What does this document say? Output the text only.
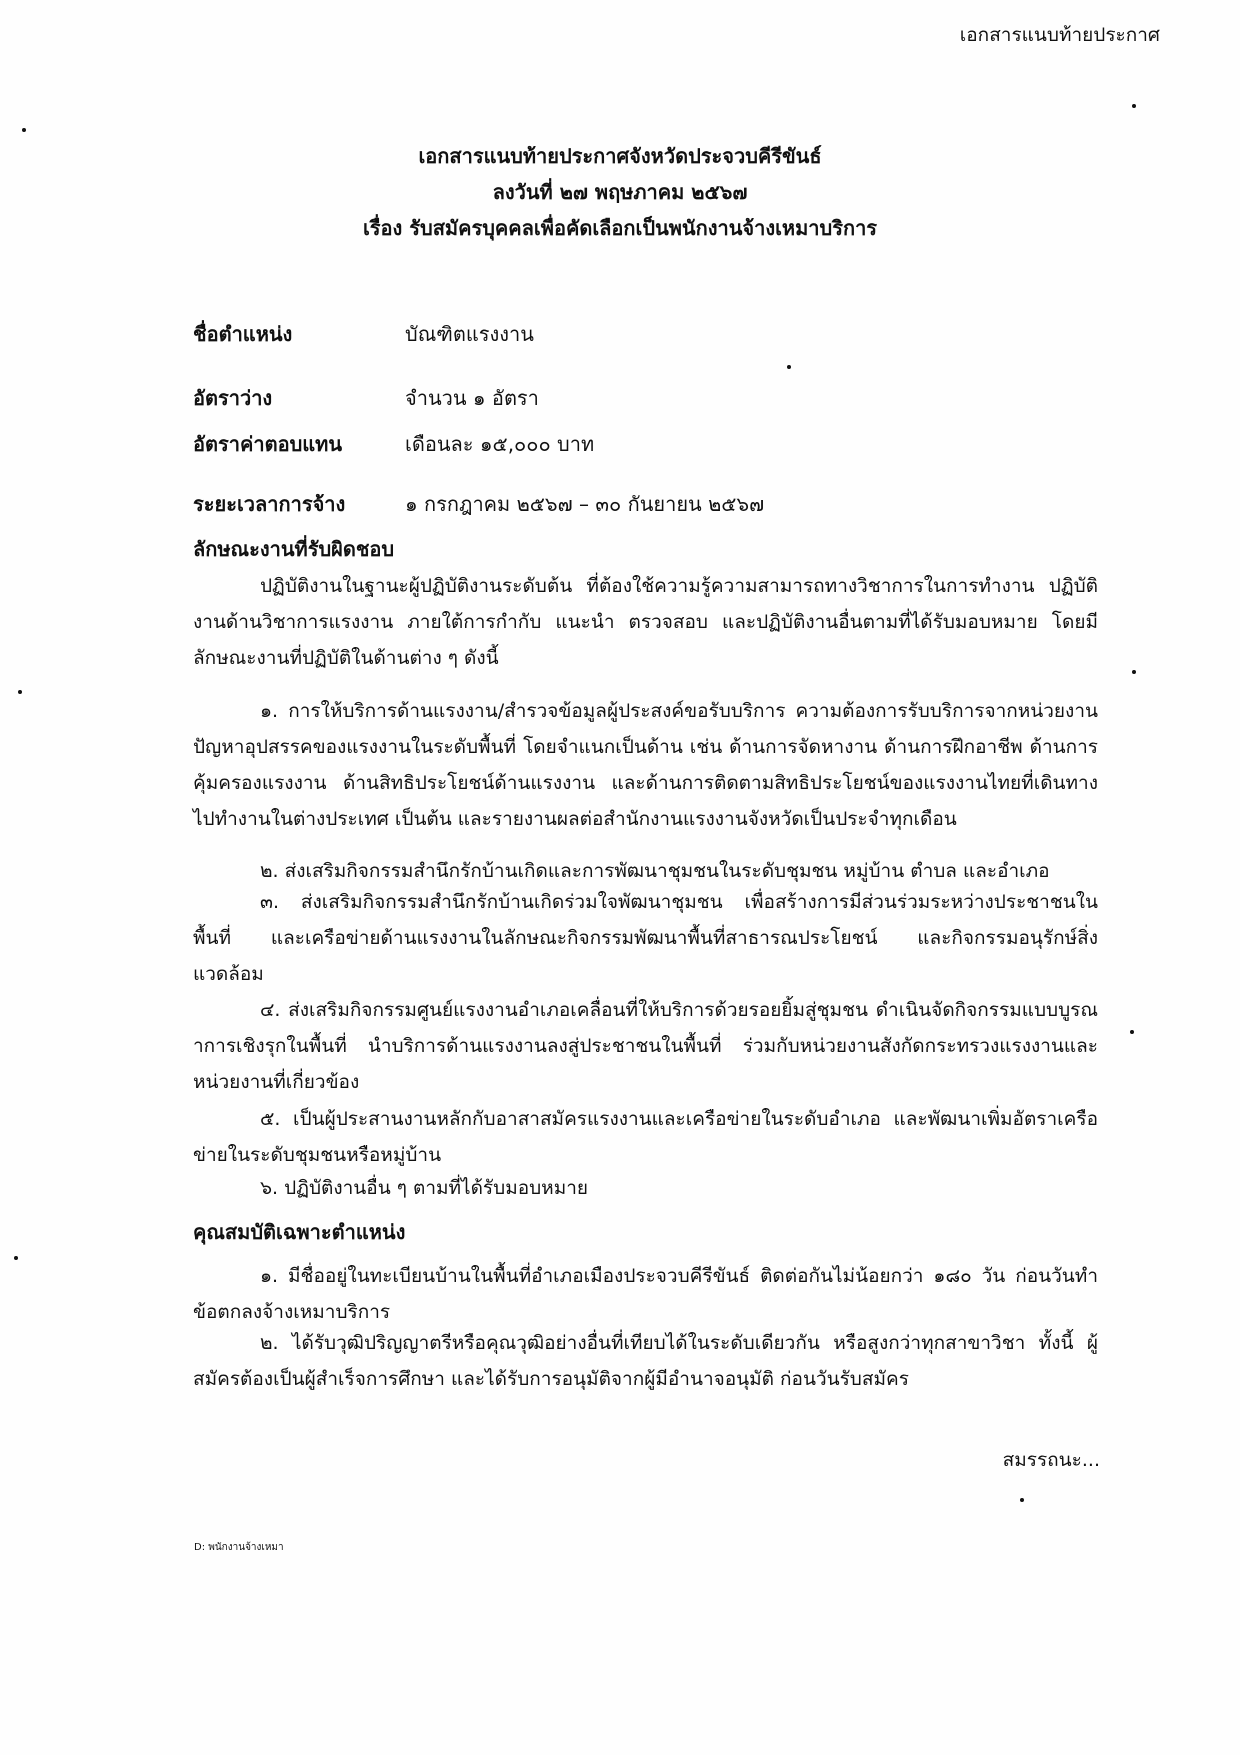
เอกสารแนบท้ายประกาศ
เอกสารแนบท้ายประกาศจังหวัดประจวบคีรีขันธ์
ลงวันที่ ๒๗ พฤษภาคม ๒๕๖๗
เรื่อง รับสมัครบุคคลเพื่อคัดเลือกเป็นพนักงานจ้างเหมาบริการ
ชื่อตำแหน่ง	บัณฑิตแรงงาน
อัตราว่าง	จำนวน ๑ อัตรา
อัตราค่าตอบแทน	เดือนละ ๑๕,๐๐๐ บาท
ระยะเวลาการจ้าง	๑ กรกฎาคม ๒๕๖๗ – ๓๐ กันยายน ๒๕๖๗
ลักษณะงานที่รับผิดชอบ
ปฏิบัติงานในฐานะผู้ปฏิบัติงานระดับต้น ที่ต้องใช้ความรู้ความสามารถทางวิชาการในการทำงาน ปฏิบัติงานด้านวิชาการแรงงาน ภายใต้การกำกับ แนะนำ ตรวจสอบ และปฏิบัติงานอื่นตามที่ได้รับมอบหมาย โดยมีลักษณะงานที่ปฏิบัติในด้านต่าง ๆ ดังนี้
๑. การให้บริการด้านแรงงาน/สำรวจข้อมูลผู้ประสงค์ขอรับบริการ ความต้องการรับบริการจากหน่วยงาน ปัญหาอุปสรรคของแรงงานในระดับพื้นที่ โดยจำแนกเป็นด้าน เช่น ด้านการจัดหางาน ด้านการฝึกอาชีพ ด้านการคุ้มครองแรงงาน ด้านสิทธิประโยชน์ด้านแรงงาน และด้านการติดตามสิทธิประโยชน์ของแรงงานไทยที่เดินทางไปทำงานในต่างประเทศ เป็นต้น และรายงานผลต่อสำนักงานแรงงานจังหวัดเป็นประจำทุกเดือน
๒. ส่งเสริมกิจกรรมสำนึกรักบ้านเกิดและการพัฒนาชุมชนในระดับชุมชน หมู่บ้าน ตำบล และอำเภอ
๓. ส่งเสริมกิจกรรมสำนึกรักบ้านเกิดร่วมใจพัฒนาชุมชน เพื่อสร้างการมีส่วนร่วมระหว่างประชาชนในพื้นที่ และเครือข่ายด้านแรงงานในลักษณะกิจกรรมพัฒนาพื้นที่สาธารณประโยชน์ และกิจกรรมอนุรักษ์สิ่งแวดล้อม
๔. ส่งเสริมกิจกรรมศูนย์แรงงานอำเภอเคลื่อนที่ให้บริการด้วยรอยยิ้มสู่ชุมชน ดำเนินจัดกิจกรรมแบบบูรณาการเชิงรุกในพื้นที่ นำบริการด้านแรงงานลงสู่ประชาชนในพื้นที่ ร่วมกับหน่วยงานสังกัดกระทรวงแรงงานและหน่วยงานที่เกี่ยวข้อง
๕. เป็นผู้ประสานงานหลักกับอาสาสมัครแรงงานและเครือข่ายในระดับอำเภอ และพัฒนาเพิ่มอัตราเครือข่ายในระดับชุมชนหรือหมู่บ้าน
๖. ปฏิบัติงานอื่น ๆ ตามที่ได้รับมอบหมาย
คุณสมบัติเฉพาะตำแหน่ง
๑. มีชื่ออยู่ในทะเบียนบ้านในพื้นที่อำเภอเมืองประจวบคีรีขันธ์ ติดต่อกันไม่น้อยกว่า ๑๘๐ วัน ก่อนวันทำข้อตกลงจ้างเหมาบริการ
๒. ได้รับวุฒิปริญญาตรีหรือคุณวุฒิอย่างอื่นที่เทียบได้ในระดับเดียวกัน หรือสูงกว่าทุกสาขาวิชา ทั้งนี้ ผู้สมัครต้องเป็นผู้สำเร็จการศึกษา และได้รับการอนุมัติจากผู้มีอำนาจอนุมัติ ก่อนวันรับสมัคร
สมรรถนะ...
D: พนักงานจ้างเหมา
